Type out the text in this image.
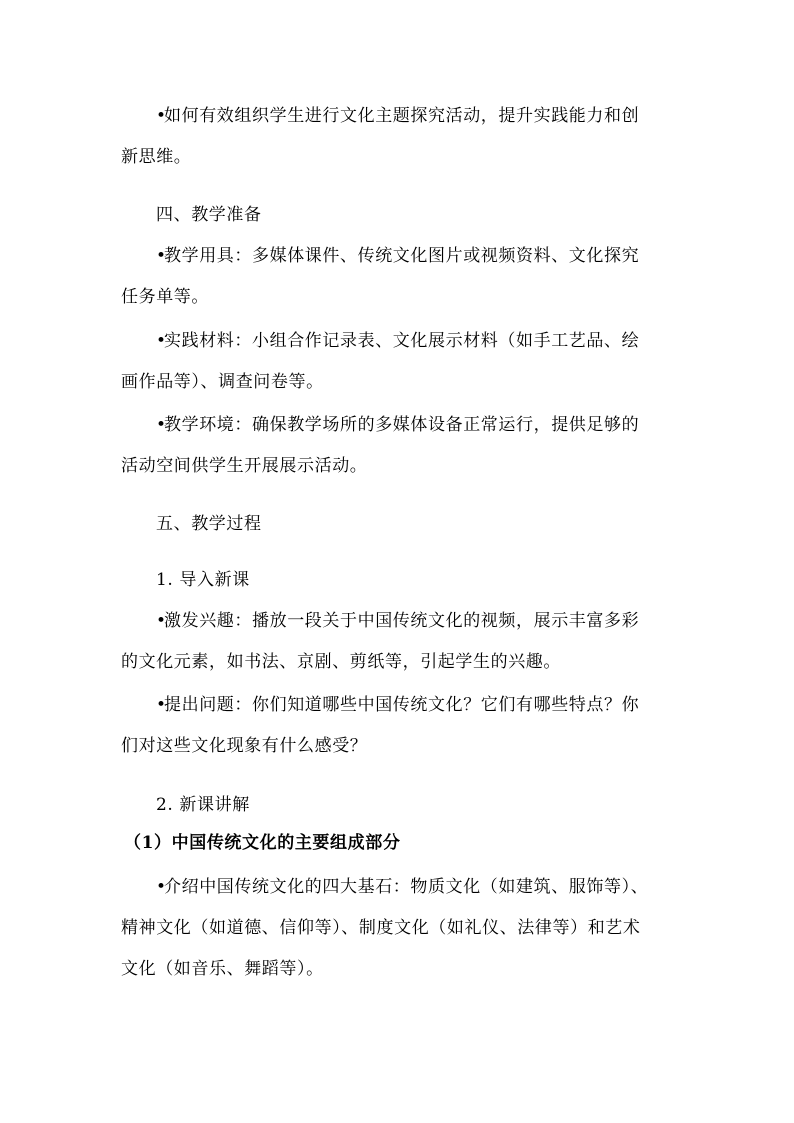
•如何有效组织学生进行文化主题探究活动，提升实践能力和创
新思维。
四、教学准备
•教学用具：多媒体课件、传统文化图片或视频资料、文化探究
任务单等。
•实践材料：小组合作记录表、文化展示材料（如手工艺品、绘
画作品等）、调查问卷等。
•教学环境：确保教学场所的多媒体设备正常运行，提供足够的
活动空间供学生开展展示活动。
五、教学过程
1. 导入新课
•激发兴趣：播放一段关于中国传统文化的视频，展示丰富多彩
的文化元素，如书法、京剧、剪纸等，引起学生的兴趣。
•提出问题：你们知道哪些中国传统文化？它们有哪些特点？你
们对这些文化现象有什么感受？
2. 新课讲解
（1）中国传统文化的主要组成部分
•介绍中国传统文化的四大基石：物质文化（如建筑、服饰等）、
精神文化（如道德、信仰等）、制度文化（如礼仪、法律等）和艺术
文化（如音乐、舞蹈等）。
